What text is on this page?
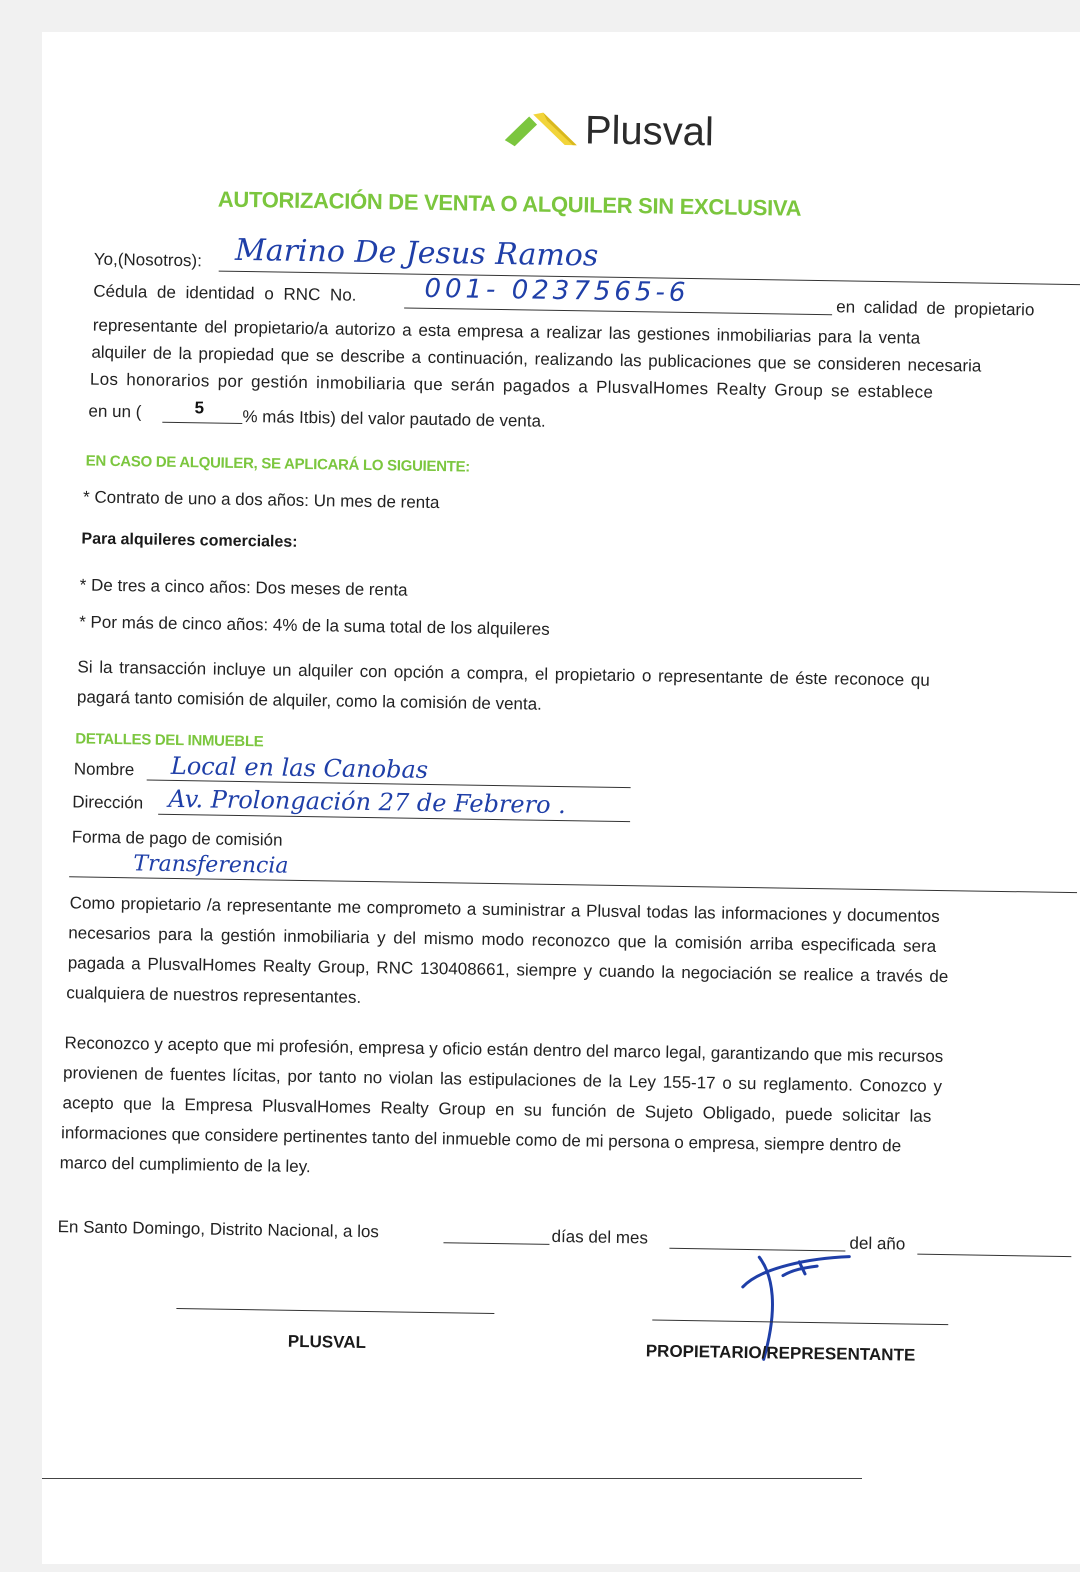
Plusval
AUTORIZACIÓN DE VENTA O ALQUILER SIN EXCLUSIVA
Yo,(Nosotros): Marino De Jesus Ramos
Cédula de identidad o RNC No.	001- 0237565-6
en calidad de propietario
representante del propietario/a autorizo a esta empresa a realizar las gestiones inmobiliarias para la venta
alquiler de la propiedad que se describe a continuación, realizando las publicaciones que se consideren necesaria
Los honorarios por gestión inmobiliaria que serán pagados a PlusvalHomes Realty Group se establece
en un (	5 % más Itbis) del valor pautado de venta.
EN CASO DE ALQUILER, SE APLICARÁ LO SIGUIENTE:
* Contrato de uno a dos años: Un mes de renta
Para alquileres comerciales:
* De tres a cinco años: Dos meses de renta
* Por más de cinco años: 4% de la suma total de los alquileres
Si la transacción incluye un alquiler con opción a compra, el propietario o representante de éste reconoce qu
pagará tanto comisión de alquiler, como la comisión de venta.
DETALLES DEL INMUEBLE
Nombre Local en las Canobas
Dirección Av. Prolongación 27 de Febrero .
Forma de pago de comisión
Transferencia
Como propietario /a representante me comprometo a suministrar a Plusval todas las informaciones y documentos
necesarios para la gestión inmobiliaria y del mismo modo reconozco que la comisión arriba especificada sera
pagada a PlusvalHomes Realty Group, RNC 130408661, siempre y cuando la negociación se realice a través de
cualquiera de nuestros representantes.
Reconozco y acepto que mi profesión, empresa y oficio están dentro del marco legal, garantizando que mis recursos
provienen de fuentes lícitas, por tanto no violan las estipulaciones de la Ley 155-17 o su reglamento. Conozco y
acepto que la Empresa PlusvalHomes Realty Group en su función de Sujeto Obligado, puede solicitar las
informaciones que considere pertinentes tanto del inmueble como de mi persona o empresa, siempre dentro de
marco del cumplimiento de la ley.
En Santo Domingo, Distrito Nacional, a los	días del mes	del año
PLUSVAL	PROPIETARIO/REPRESENTANTE
